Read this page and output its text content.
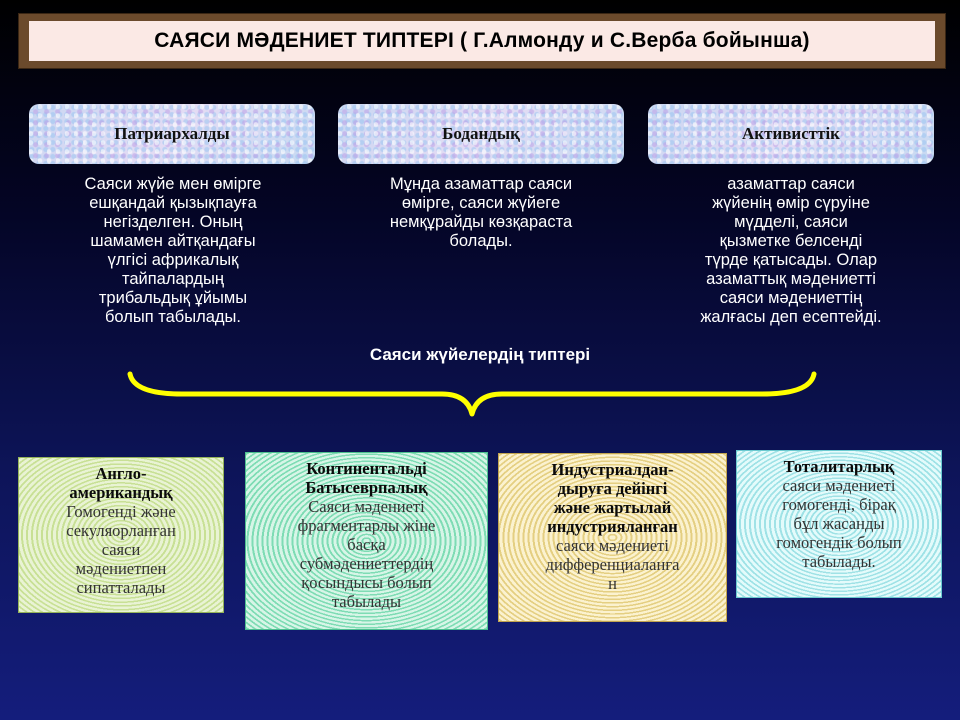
САЯСИ МӘДЕНИЕТ ТИПТЕРІ ( Г.Алмонду и С.Верба бойынша)
Патриархалды	Бодандық	Активисттік
Саяси жүйе мен өмірге
ешқандай қызықпауға
негізделген. Оның
шамамен айтқандағы
үлгісі африкалық
тайпалардың
трибальдық ұйымы
болып табылады.
Мұнда азаматтар саяси
өмірге, саяси жүйеге
немқұрайды көзқараста
болады.
азаматтар саяси
жүйенің өмір сүруіне
мүдделі, саяси
қызметке белсенді
түрде қатысады. Олар
азаматтық мәдениетті
саяси мәдениеттің
жалғасы деп есептейді.
Саяси жүйелердің типтері
Англо-
американдық
Гомогенді және
секуляорланған
саяси
мәдениетпен
сипатталады
Континентальді
Батысеврпалық
Саяси мәдениеті
фрагментарлы жіне
басқа
субмәдениеттердің
қосындысы болып
табылады
Индустриалдан-
дыруға дейінгі
және жартылай
индустрияланған
саяси мәдениеті
дифференциаланға
н
Тоталитарлық
саяси мәдениеті
гомогенді, бірақ
бұл жасанды
гомогендік болып
табылады.
